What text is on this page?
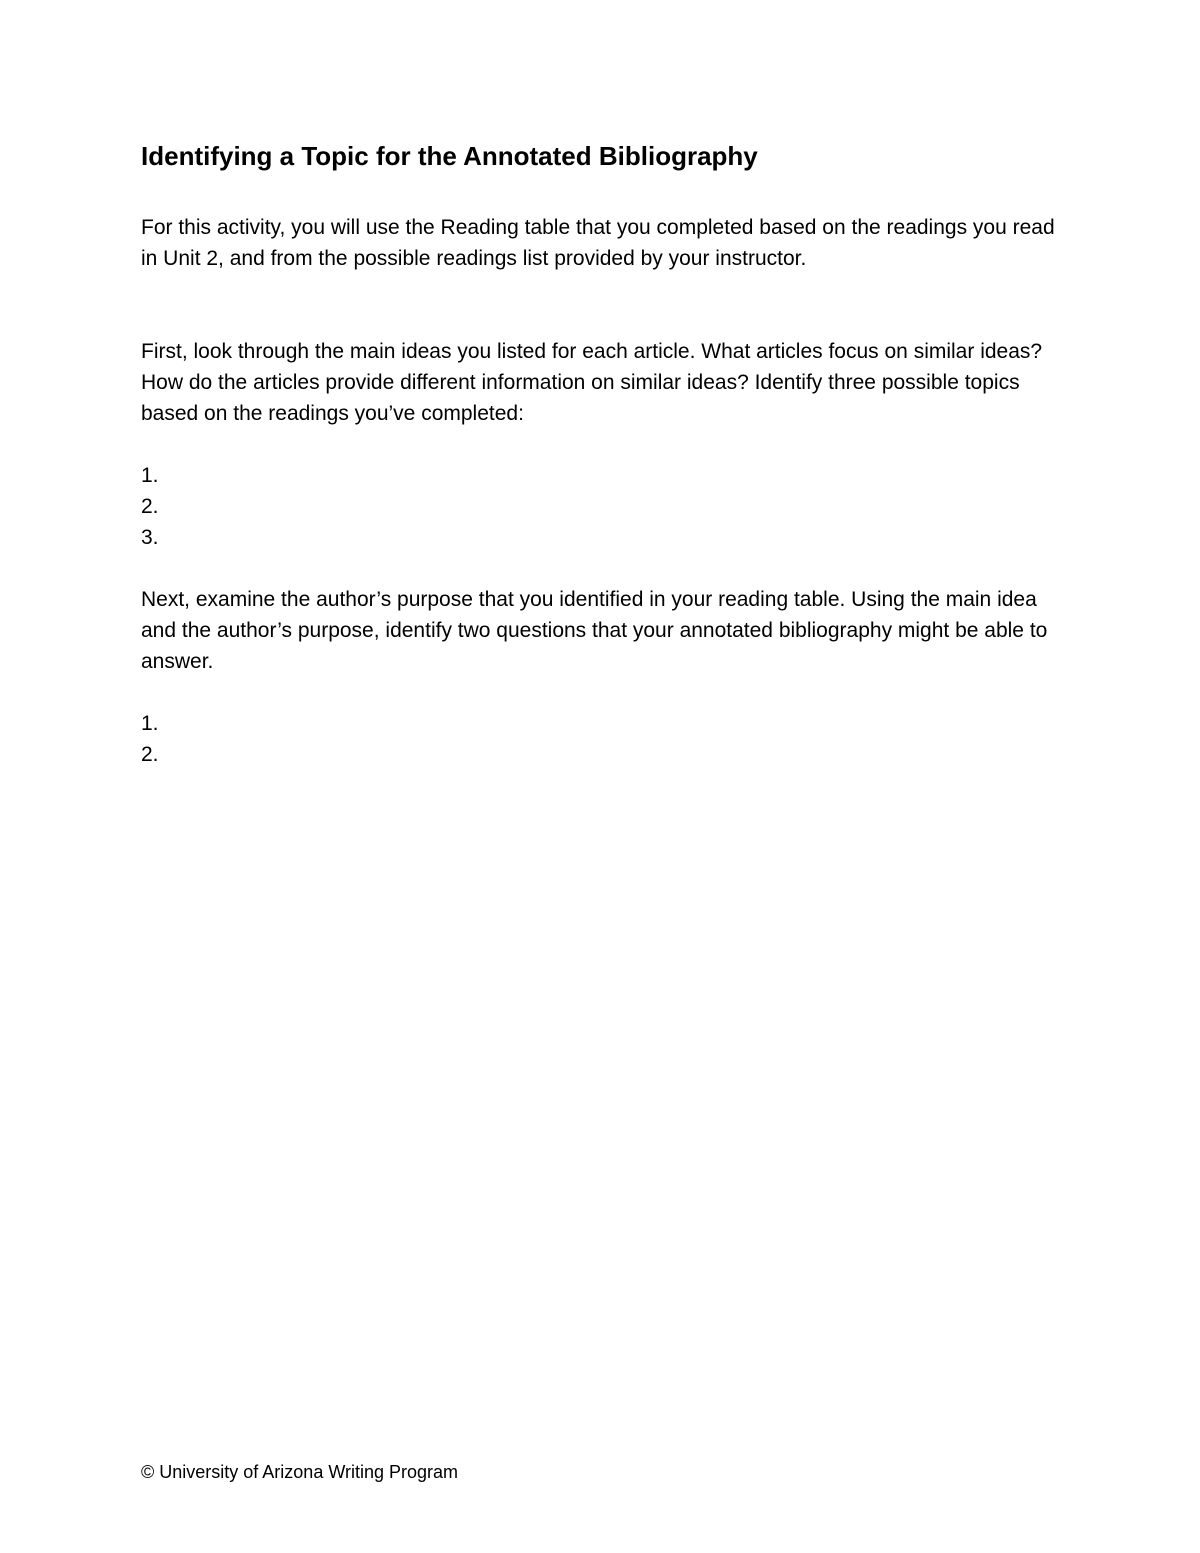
Identifying a Topic for the Annotated Bibliography

For this activity, you will use the Reading table that you completed based on the readings you read in Unit 2, and from the possible readings list provided by your instructor.

First, look through the main ideas you listed for each article. What articles focus on similar ideas? How do the articles provide different information on similar ideas? Identify three possible topics based on the readings you’ve completed:

1.
2.
3.

Next, examine the author’s purpose that you identified in your reading table. Using the main idea and the author’s purpose, identify two questions that your annotated bibliography might be able to answer.

1.
2.

© University of Arizona Writing Program
